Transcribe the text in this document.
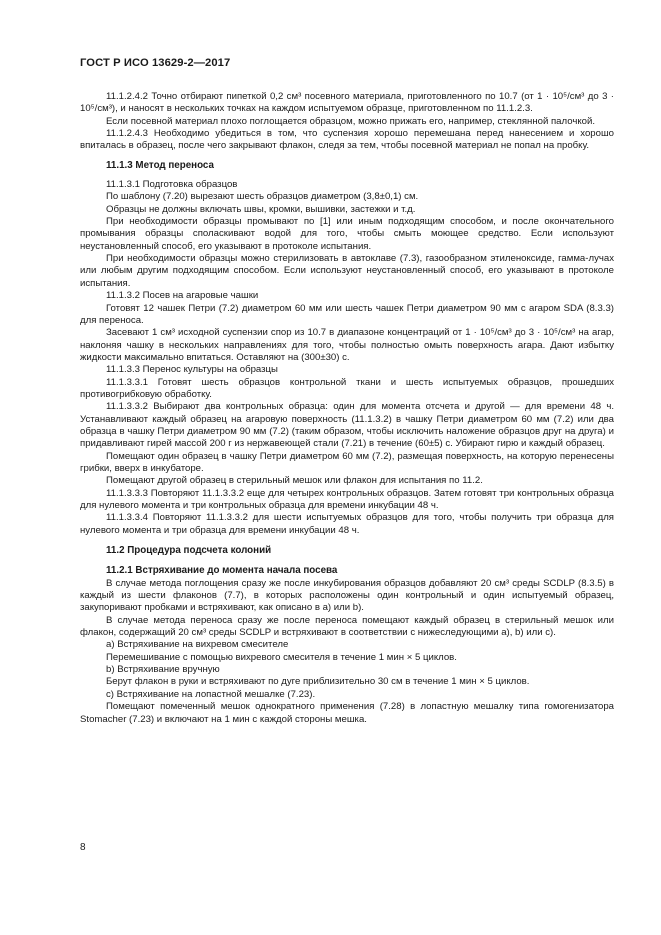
ГОСТ Р ИСО 13629-2—2017

11.1.2.4.2 Точно отбирают пипеткой 0,2 см³ посевного материала, приготовленного по 10.7 (от 1 · 10⁵/см³ до 3 · 10⁵/см³), и наносят в нескольких точках на каждом испытуемом образце, приготовленном по 11.1.2.3.

Если посевной материал плохо поглощается образцом, можно прижать его, например, стеклянной палочкой.

11.1.2.4.3 Необходимо убедиться в том, что суспензия хорошо перемешана перед нанесением и хорошо впиталась в образец, после чего закрывают флакон, следя за тем, чтобы посевной материал не попал на пробку.

11.1.3 Метод переноса

11.1.3.1 Подготовка образцов

По шаблону (7.20) вырезают шесть образцов диаметром (3,8±0,1) см.

Образцы не должны включать швы, кромки, вышивки, застежки и т.д.

При необходимости образцы промывают по [1] или иным подходящим способом, и после окончательного промывания образцы споласкивают водой для того, чтобы смыть моющее средство. Если используют неустановленный способ, его указывают в протоколе испытания.

При необходимости образцы можно стерилизовать в автоклаве (7.3), газообразном этиленоксиде, гамма-лучах или любым другим подходящим способом. Если используют неустановленный способ, его указывают в протоколе испытания.

11.1.3.2 Посев на агаровые чашки

Готовят 12 чашек Петри (7.2) диаметром 60 мм или шесть чашек Петри диаметром 90 мм с агаром SDA (8.3.3) для переноса.

Засевают 1 см³ исходной суспензии спор из 10.7 в диапазоне концентраций от 1 · 10⁵/см³ до 3 · 10⁵/см³ на агар, наклоняя чашку в нескольких направлениях для того, чтобы полностью омыть поверхность агара. Дают избытку жидкости максимально впитаться. Оставляют на (300±30) с.

11.1.3.3 Перенос культуры на образцы

11.1.3.3.1 Готовят шесть образцов контрольной ткани и шесть испытуемых образцов, прошедших противогрибковую обработку.

11.1.3.3.2 Выбирают два контрольных образца: один для момента отсчета и другой — для времени 48 ч. Устанавливают каждый образец на агаровую поверхность (11.1.3.2) в чашку Петри диаметром 60 мм (7.2) или два образца в чашку Петри диаметром 90 мм (7.2) (таким образом, чтобы исключить наложение образцов друг на друга) и придавливают гирей массой 200 г из нержавеющей стали (7.21) в течение (60±5) с. Убирают гирю и каждый образец.

Помещают один образец в чашку Петри диаметром 60 мм (7.2), размещая поверхность, на которую перенесены грибки, вверх в инкубаторе.

Помещают другой образец в стерильный мешок или флакон для испытания по 11.2.

11.1.3.3.3 Повторяют 11.1.3.3.2 еще для четырех контрольных образцов. Затем готовят три контрольных образца для нулевого момента и три контрольных образца для времени инкубации 48 ч.

11.1.3.3.4 Повторяют 11.1.3.3.2 для шести испытуемых образцов для того, чтобы получить три образца для нулевого момента и три образца для времени инкубации 48 ч.

11.2 Процедура подсчета колоний
11.2.1 Встряхивание до момента начала посева

В случае метода поглощения сразу же после инкубирования образцов добавляют 20 см³ среды SCDLP (8.3.5) в каждый из шести флаконов (7.7), в которых расположены один контрольный и один испытуемый образец, закупоривают пробками и встряхивают, как описано в а) или b).

В случае метода переноса сразу же после переноса помещают каждый образец в стерильный мешок или флакон, содержащий 20 см³ среды SCDLP и встряхивают в соответствии с нижеследующими a), b) или c).

a) Встряхивание на вихревом смесителе

Перемешивание с помощью вихревого смесителя в течение 1 мин × 5 циклов.

b) Встряхивание вручную

Берут флакон в руки и встряхивают по дуге приблизительно 30 см в течение 1 мин × 5 циклов.

c) Встряхивание на лопастной мешалке (7.23).

Помещают помеченный мешок однократного применения (7.28) в лопастную мешалку типа гомогенизатора Stomacher (7.23) и включают на 1 мин с каждой стороны мешка.

8
